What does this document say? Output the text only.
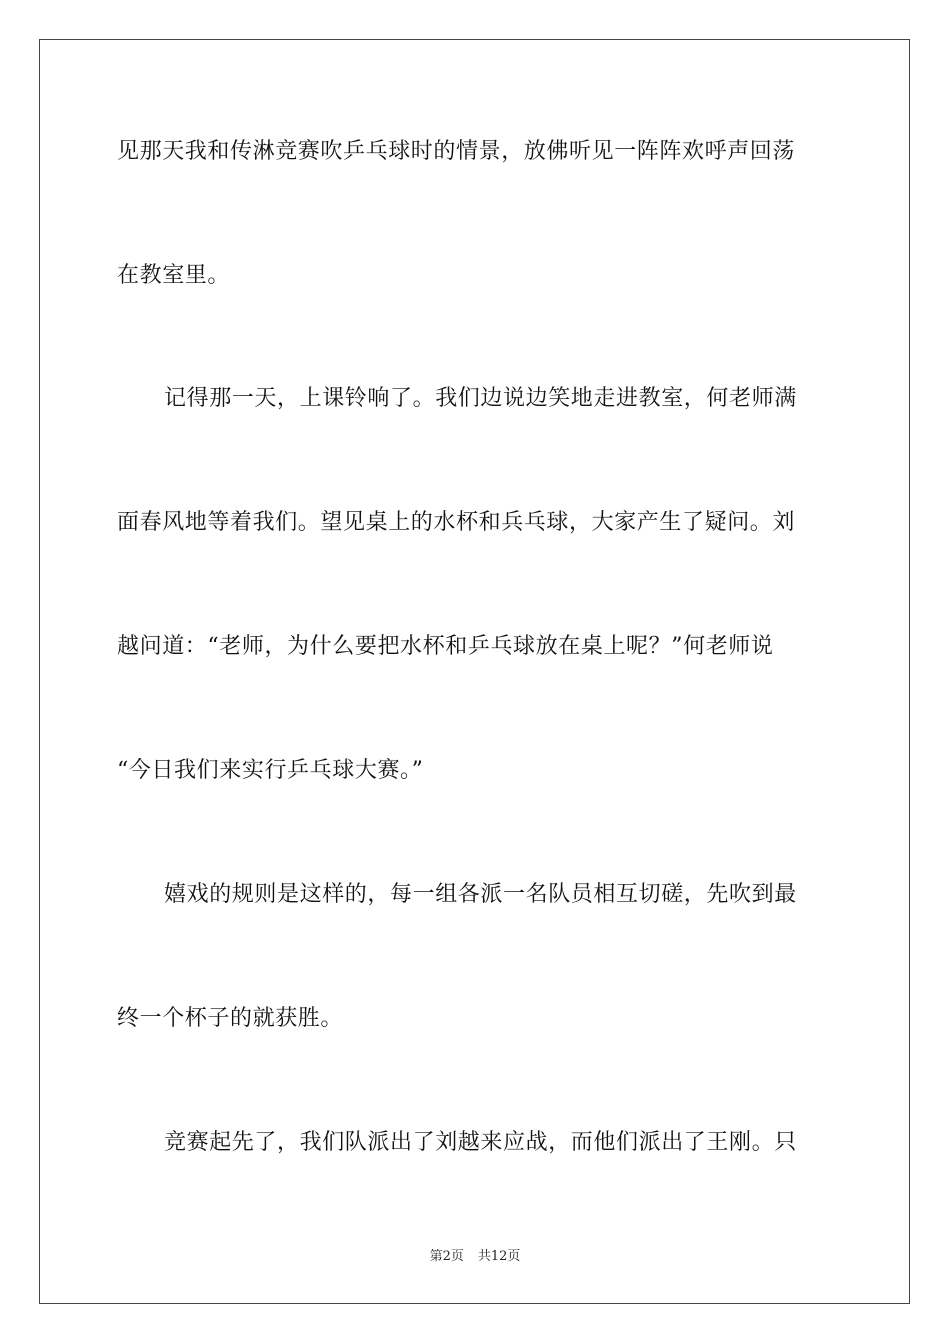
见那天我和传淋竞赛吹乒乓球时的情景，放佛听见一阵阵欢呼声回荡
在教室里。
记得那一天，上课铃响了。我们边说边笑地走进教室，何老师满
面春风地等着我们。望见桌上的水杯和兵乓球，大家产生了疑问。刘
越问道：“老师，为什么要把水杯和乒乓球放在桌上呢？”何老师说
“今日我们来实行乒乓球大赛。”
嬉戏的规则是这样的，每一组各派一名队员相互切磋，先吹到最
终一个杯子的就获胜。
竞赛起先了，我们队派出了刘越来应战，而他们派出了王刚。只
第2页 共12页
